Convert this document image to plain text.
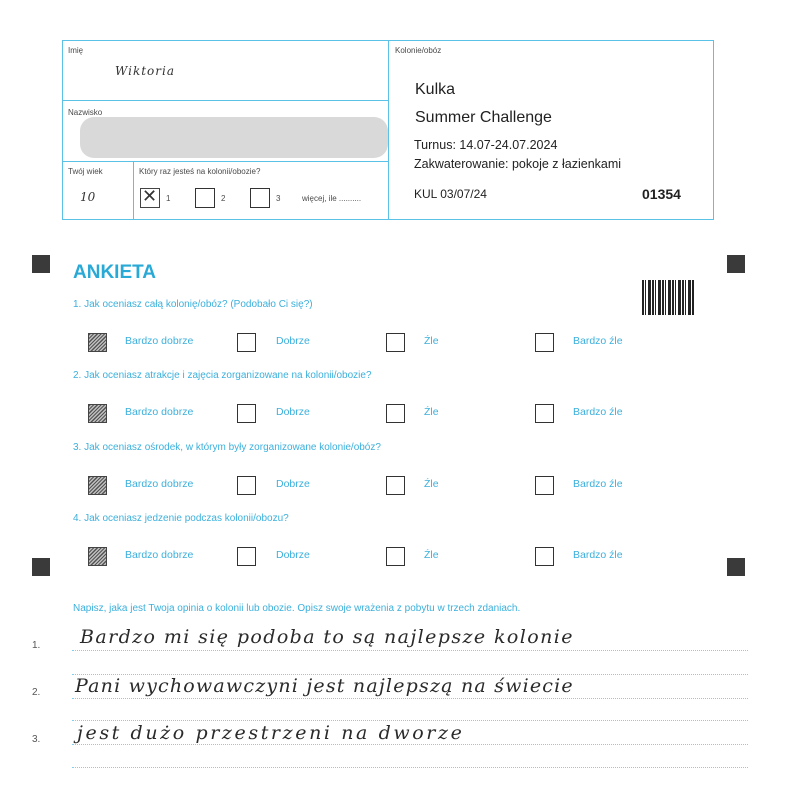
Imię
Wiktoria
Nazwisko
Twój wiek
10
Który raz jesteś na kolonii/obozie?
✕ 1	2	3	więcej, ile ..........
Kolonie/obóz
Kulka
Summer Challenge
Turnus: 14.07-24.07.2024
Zakwaterowanie: pokoje z łazienkami
KUL 03/07/24	01354
ANKIETA
1. Jak oceniasz całą kolonię/obóz? (Podobało Ci się?)
Bardzo dobrze	Dobrze	Źle	Bardzo źle
2. Jak oceniasz atrakcje i zajęcia zorganizowane na kolonii/obozie?
Bardzo dobrze	Dobrze	Źle	Bardzo źle
3. Jak oceniasz ośrodek, w którym były zorganizowane kolonie/obóz?
Bardzo dobrze	Dobrze	Źle	Bardzo źle
4. Jak oceniasz jedzenie podczas kolonii/obozu?
Bardzo dobrze	Dobrze	Źle	Bardzo źle
Napisz, jaka jest Twoja opinia o kolonii lub obozie. Opisz swoje wrażenia z pobytu w trzech zdaniach.
1.
2.
3.
Bardzo mi się podoba to są najlepsze kolonie
Pani wychowawczyni jest najlepszą na świecie
jest dużo przestrzeni na dworze
